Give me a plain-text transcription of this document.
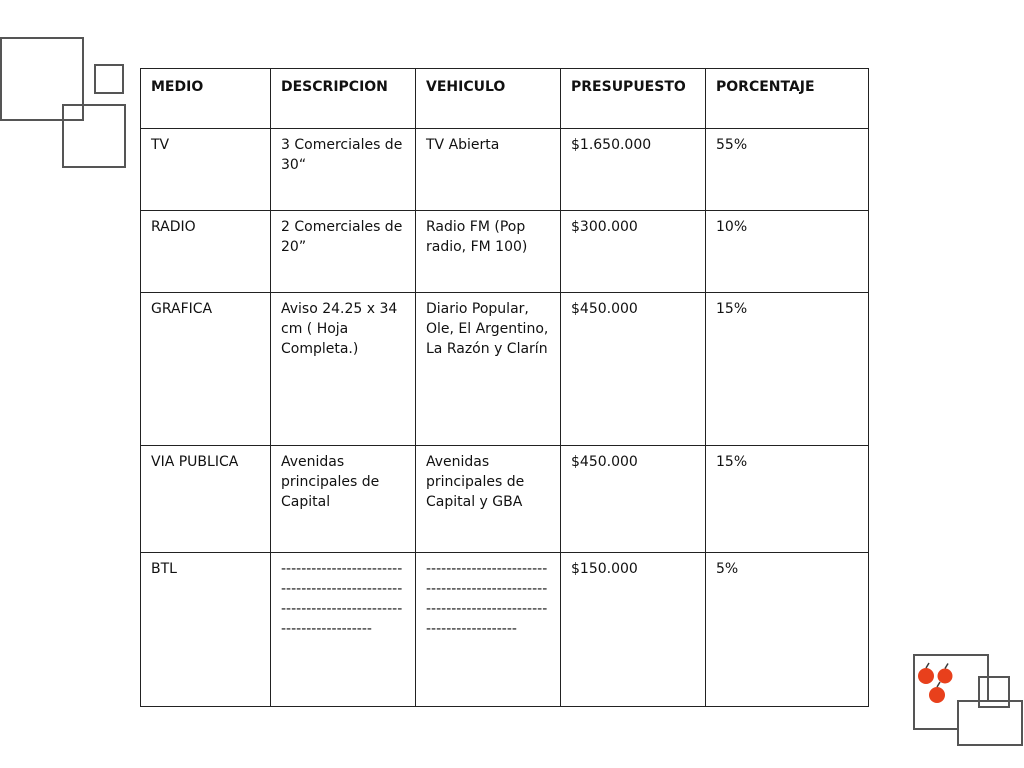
MEDIO	DESCRIPCION	VEHICULO	PRESUPUESTO	PORCENTAJE
TV	3 Comerciales de 30“	TV Abierta	$1.650.000	55%
RADIO	2 Comerciales de 20”	Radio FM (Pop radio, FM 100)	$300.000	10%
GRAFICA	Aviso 24.25 x 34 cm ( Hoja Completa.)	Diario Popular, Ole, El Argentino, La Razón y Clarín	$450.000	15%
VIA PUBLICA	Avenidas principales de Capital	Avenidas principales de Capital y GBA	$450.000	15%
BTL	------------------------------------------------------------------------------------------	------------------------------------------------------------------------------------------	$150.000	5%
